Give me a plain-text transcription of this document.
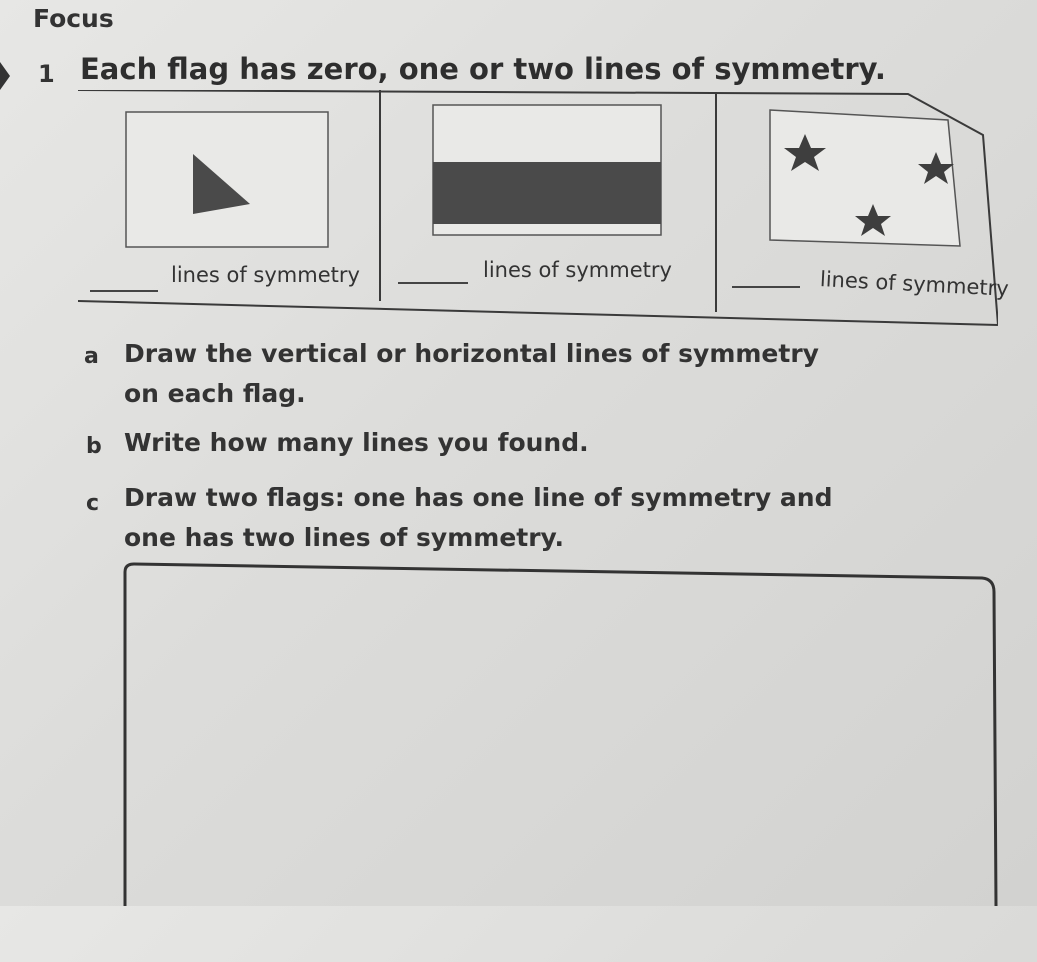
Focus
1 Each flag has zero, one or two lines of symmetry.
lines of symmetry	lines of symmetry	lines of symmetry
a Draw the vertical or horizontal lines of symmetry
on each flag.
b Write how many lines you found.
c Draw two flags: one has one line of symmetry and
one has two lines of symmetry.
